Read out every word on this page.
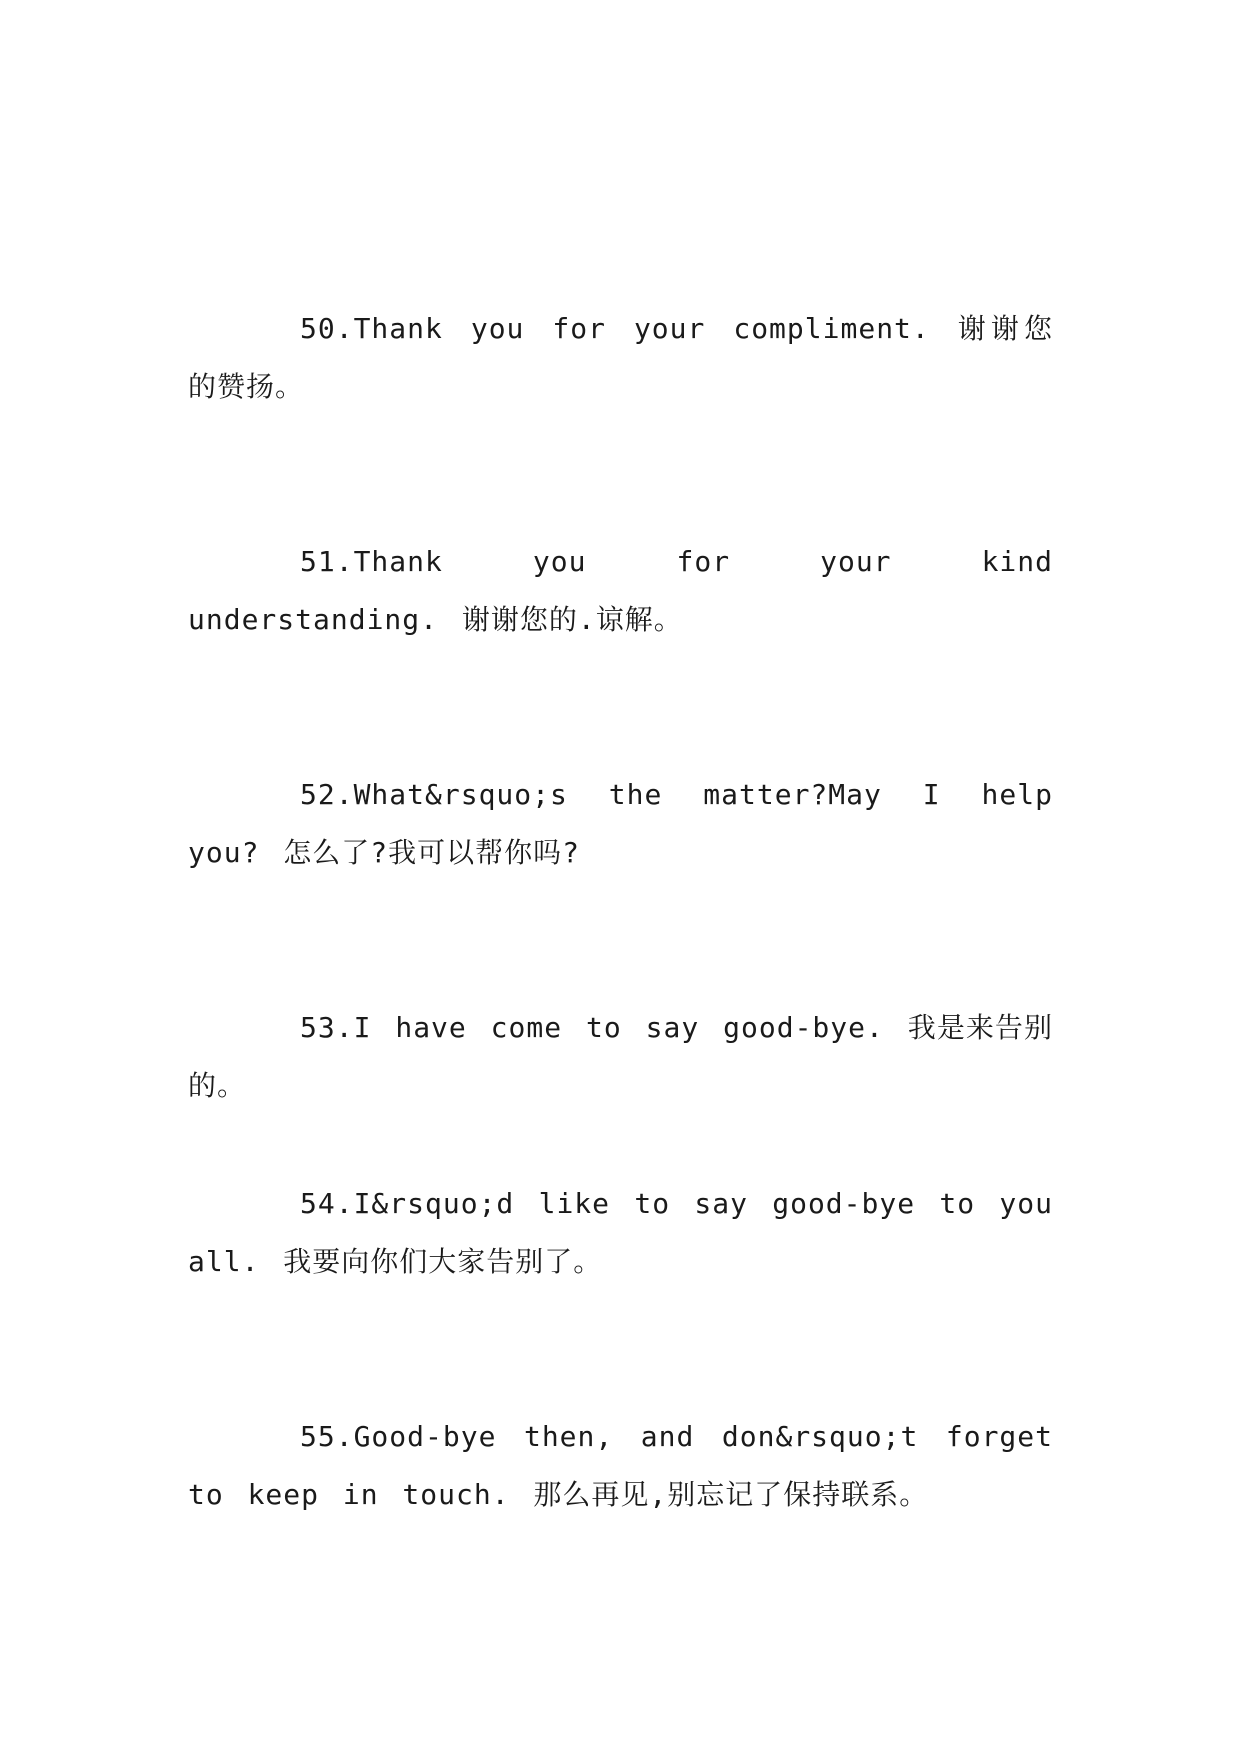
50.Thank you for your compliment. 谢谢您的赞扬。

51.Thank you for your kind understanding. 谢谢您的.谅解。

52.What&rsquo;s the matter?May I help you? 怎么了?我可以帮你吗?

53.I have come to say good-bye. 我是来告别的。

54.I&rsquo;d like to say good-bye to you all. 我要向你们大家告别了。

55.Good-bye then, and don&rsquo;t forget to keep in touch. 那么再见,别忘记了保持联系。
